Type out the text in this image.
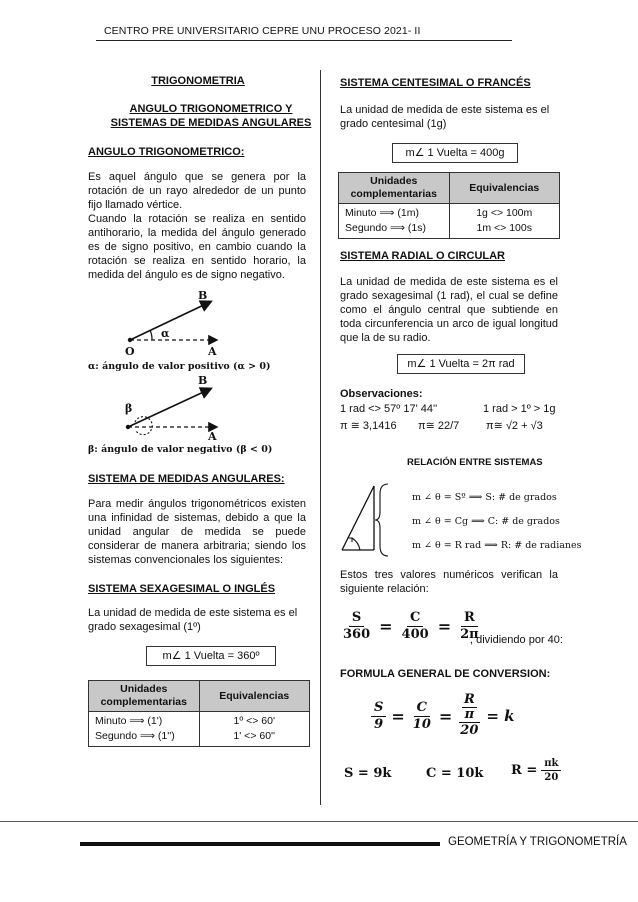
CENTRO PRE UNIVERSITARIO CEPRE UNU PROCESO 2021- II
TRIGONOMETRIA
ANGULO TRIGONOMETRICO Y
SISTEMAS DE MEDIDAS ANGULARES
ANGULO TRIGONOMETRICO:
Es aquel ángulo que se genera por la rotación de un rayo alrededor de un punto fijo llamado vértice.
Cuando la rotación se realiza en sentido antihorario, la medida del ángulo generado es de signo positivo, en cambio cuando la rotación se realiza en sentido horario, la medida del ángulo es de signo negativo.
B
O	A
α
α: ángulo de valor positivo (α > 0)
B
β
A
β: ángulo de valor negativo (β < 0)
SISTEMA DE MEDIDAS ANGULARES:
Para medir ángulos trigonométricos existen una infinidad de sistemas, debido a que la unidad angular de medida se puede considerar de manera arbitraria; siendo los sistemas convencionales los siguientes:
SISTEMA SEXAGESIMAL O INGLÉS
La unidad de medida de este sistema es el grado sexagesimal (1º)
m∠ 1 Vuelta = 360º
Unidades complementarias	Equivalencias
Minuto ⟹ (1')	1º <> 60'
Segundo ⟹ (1'')	1' <> 60''
SISTEMA CENTESIMAL O FRANCÉS
La unidad de medida de este sistema es el grado centesimal (1g)
m∠ 1 Vuelta = 400g
Unidades complementarias	Equivalencias
Minuto ⟹ (1m)	1g <> 100m
Segundo ⟹ (1s)	1m <> 100s
SISTEMA RADIAL O CIRCULAR
La unidad de medida de este sistema es el grado sexagesimal (1 rad), el cual se define como el ángulo central que subtiende en toda circunferencia un arco de igual longitud que la de su radio.
m∠ 1 Vuelta = 2π rad
Observaciones:
1 rad <> 57º 17' 44''	1 rad > 1º > 1g
π ≅ 3,1416 π≅ 22/7 π≅ √2 + √3
RELACIÓN ENTRE SISTEMAS
m ∠ θ = Sº ⟹ S: # de grados
m ∠ θ = Cg ⟹ C: # de grados
m ∠ θ = R rad ⟹ R: # de radianes
Estos tres valores numéricos verifican la siguiente relación:
$\frac{S}{360} = \frac{C}{400} = \frac{R}{2\pi}$
, dividiendo por 40:
FORMULA GENERAL DE CONVERSION:
$\frac{S}{9} = \frac{C}{10} = \frac{\frac{R}{\pi}}{20} = k$
S = 9k	C = 10k $R = \frac{\pi k}{20}$
GEOMETRÍA Y TRIGONOMETRÍA
